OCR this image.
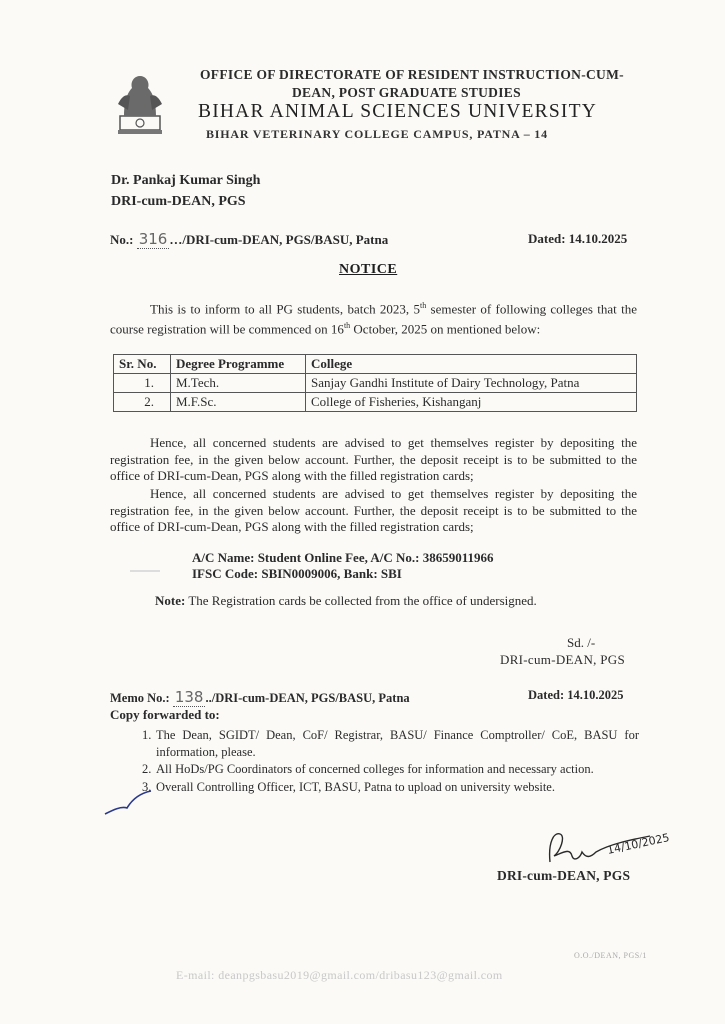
OFFICE OF DIRECTORATE OF RESIDENT INSTRUCTION-CUM-
DEAN, POST GRADUATE STUDIES
BIHAR ANIMAL SCIENCES UNIVERSITY
BIHAR VETERINARY COLLEGE CAMPUS, PATNA – 14
Dr. Pankaj Kumar Singh
DRI-cum-DEAN, PGS
No.: 316 …/DRI-cum-DEAN, PGS/BASU, Patna	Dated: 14.10.2025
NOTICE
This is to inform to all PG students, batch 2023, 5th semester of following colleges that the course registration will be commenced on 16th October, 2025 on mentioned below:
Sr. No.	Degree Programme	College
1.	M.Tech.	Sanjay Gandhi Institute of Dairy Technology, Patna
2.	M.F.Sc.	College of Fisheries, Kishanganj
Hence, all concerned students are advised to get themselves register by depositing the registration fee, in the given below account. Further, the deposit receipt is to be submitted to the office of DRI-cum-Dean, PGS along with the filled registration cards;
Hence, all concerned students are advised to get themselves register by depositing the registration fee, in the given below account. Further, the deposit receipt is to be submitted to the office of DRI-cum-Dean, PGS along with the filled registration cards;
A/C Name: Student Online Fee, A/C No.: 38659011966
IFSC Code: SBIN0009006, Bank: SBI
Note: The Registration cards be collected from the office of undersigned.
Sd. /-
DRI-cum-DEAN, PGS
Memo No.: 138 ../DRI-cum-DEAN, PGS/BASU, Patna	Dated: 14.10.2025
Copy forwarded to:
1. The Dean, SGIDT/ Dean, CoF/ Registrar, BASU/ Finance Comptroller/ CoE, BASU for information, please.
2. All HoDs/PG Coordinators of concerned colleges for information and necessary action.
3. Overall Controlling Officer, ICT, BASU, Patna to upload on university website.
14/10/2025
DRI-cum-DEAN, PGS
O.O./DEAN, PGS/1
E-mail: deanpgsbasu2019@gmail.com/dribasu123@gmail.com
